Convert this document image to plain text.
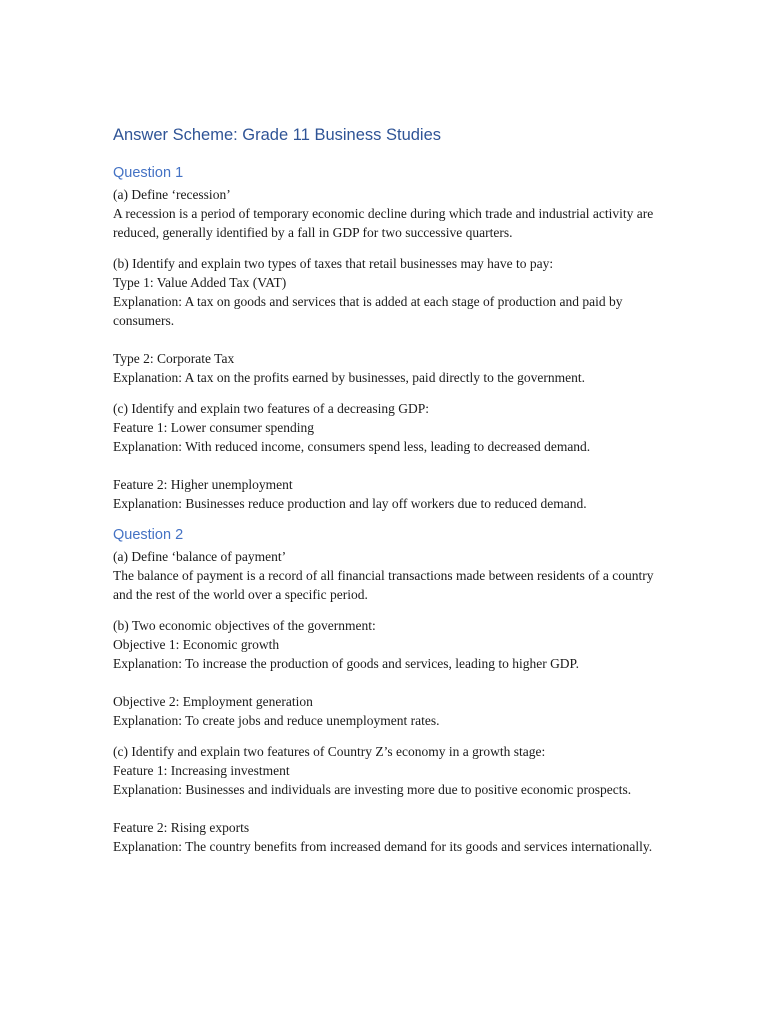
Answer Scheme: Grade 11 Business Studies
Question 1

(a) Define ‘recession’

A recession is a period of temporary economic decline during which trade and industrial activity are reduced, generally identified by a fall in GDP for two successive quarters.

(b) Identify and explain two types of taxes that retail businesses may have to pay:

Type 1: Value Added Tax (VAT)

Explanation: A tax on goods and services that is added at each stage of production and paid by consumers.

Type 2: Corporate Tax

Explanation: A tax on the profits earned by businesses, paid directly to the government.

(c) Identify and explain two features of a decreasing GDP:

Feature 1: Lower consumer spending

Explanation: With reduced income, consumers spend less, leading to decreased demand.

Feature 2: Higher unemployment

Explanation: Businesses reduce production and lay off workers due to reduced demand.

Question 2

(a) Define ‘balance of payment’

The balance of payment is a record of all financial transactions made between residents of a country and the rest of the world over a specific period.

(b) Two economic objectives of the government:

Objective 1: Economic growth

Explanation: To increase the production of goods and services, leading to higher GDP.

Objective 2: Employment generation

Explanation: To create jobs and reduce unemployment rates.

(c) Identify and explain two features of Country Z’s economy in a growth stage:

Feature 1: Increasing investment

Explanation: Businesses and individuals are investing more due to positive economic prospects.

Feature 2: Rising exports

Explanation: The country benefits from increased demand for its goods and services internationally.
